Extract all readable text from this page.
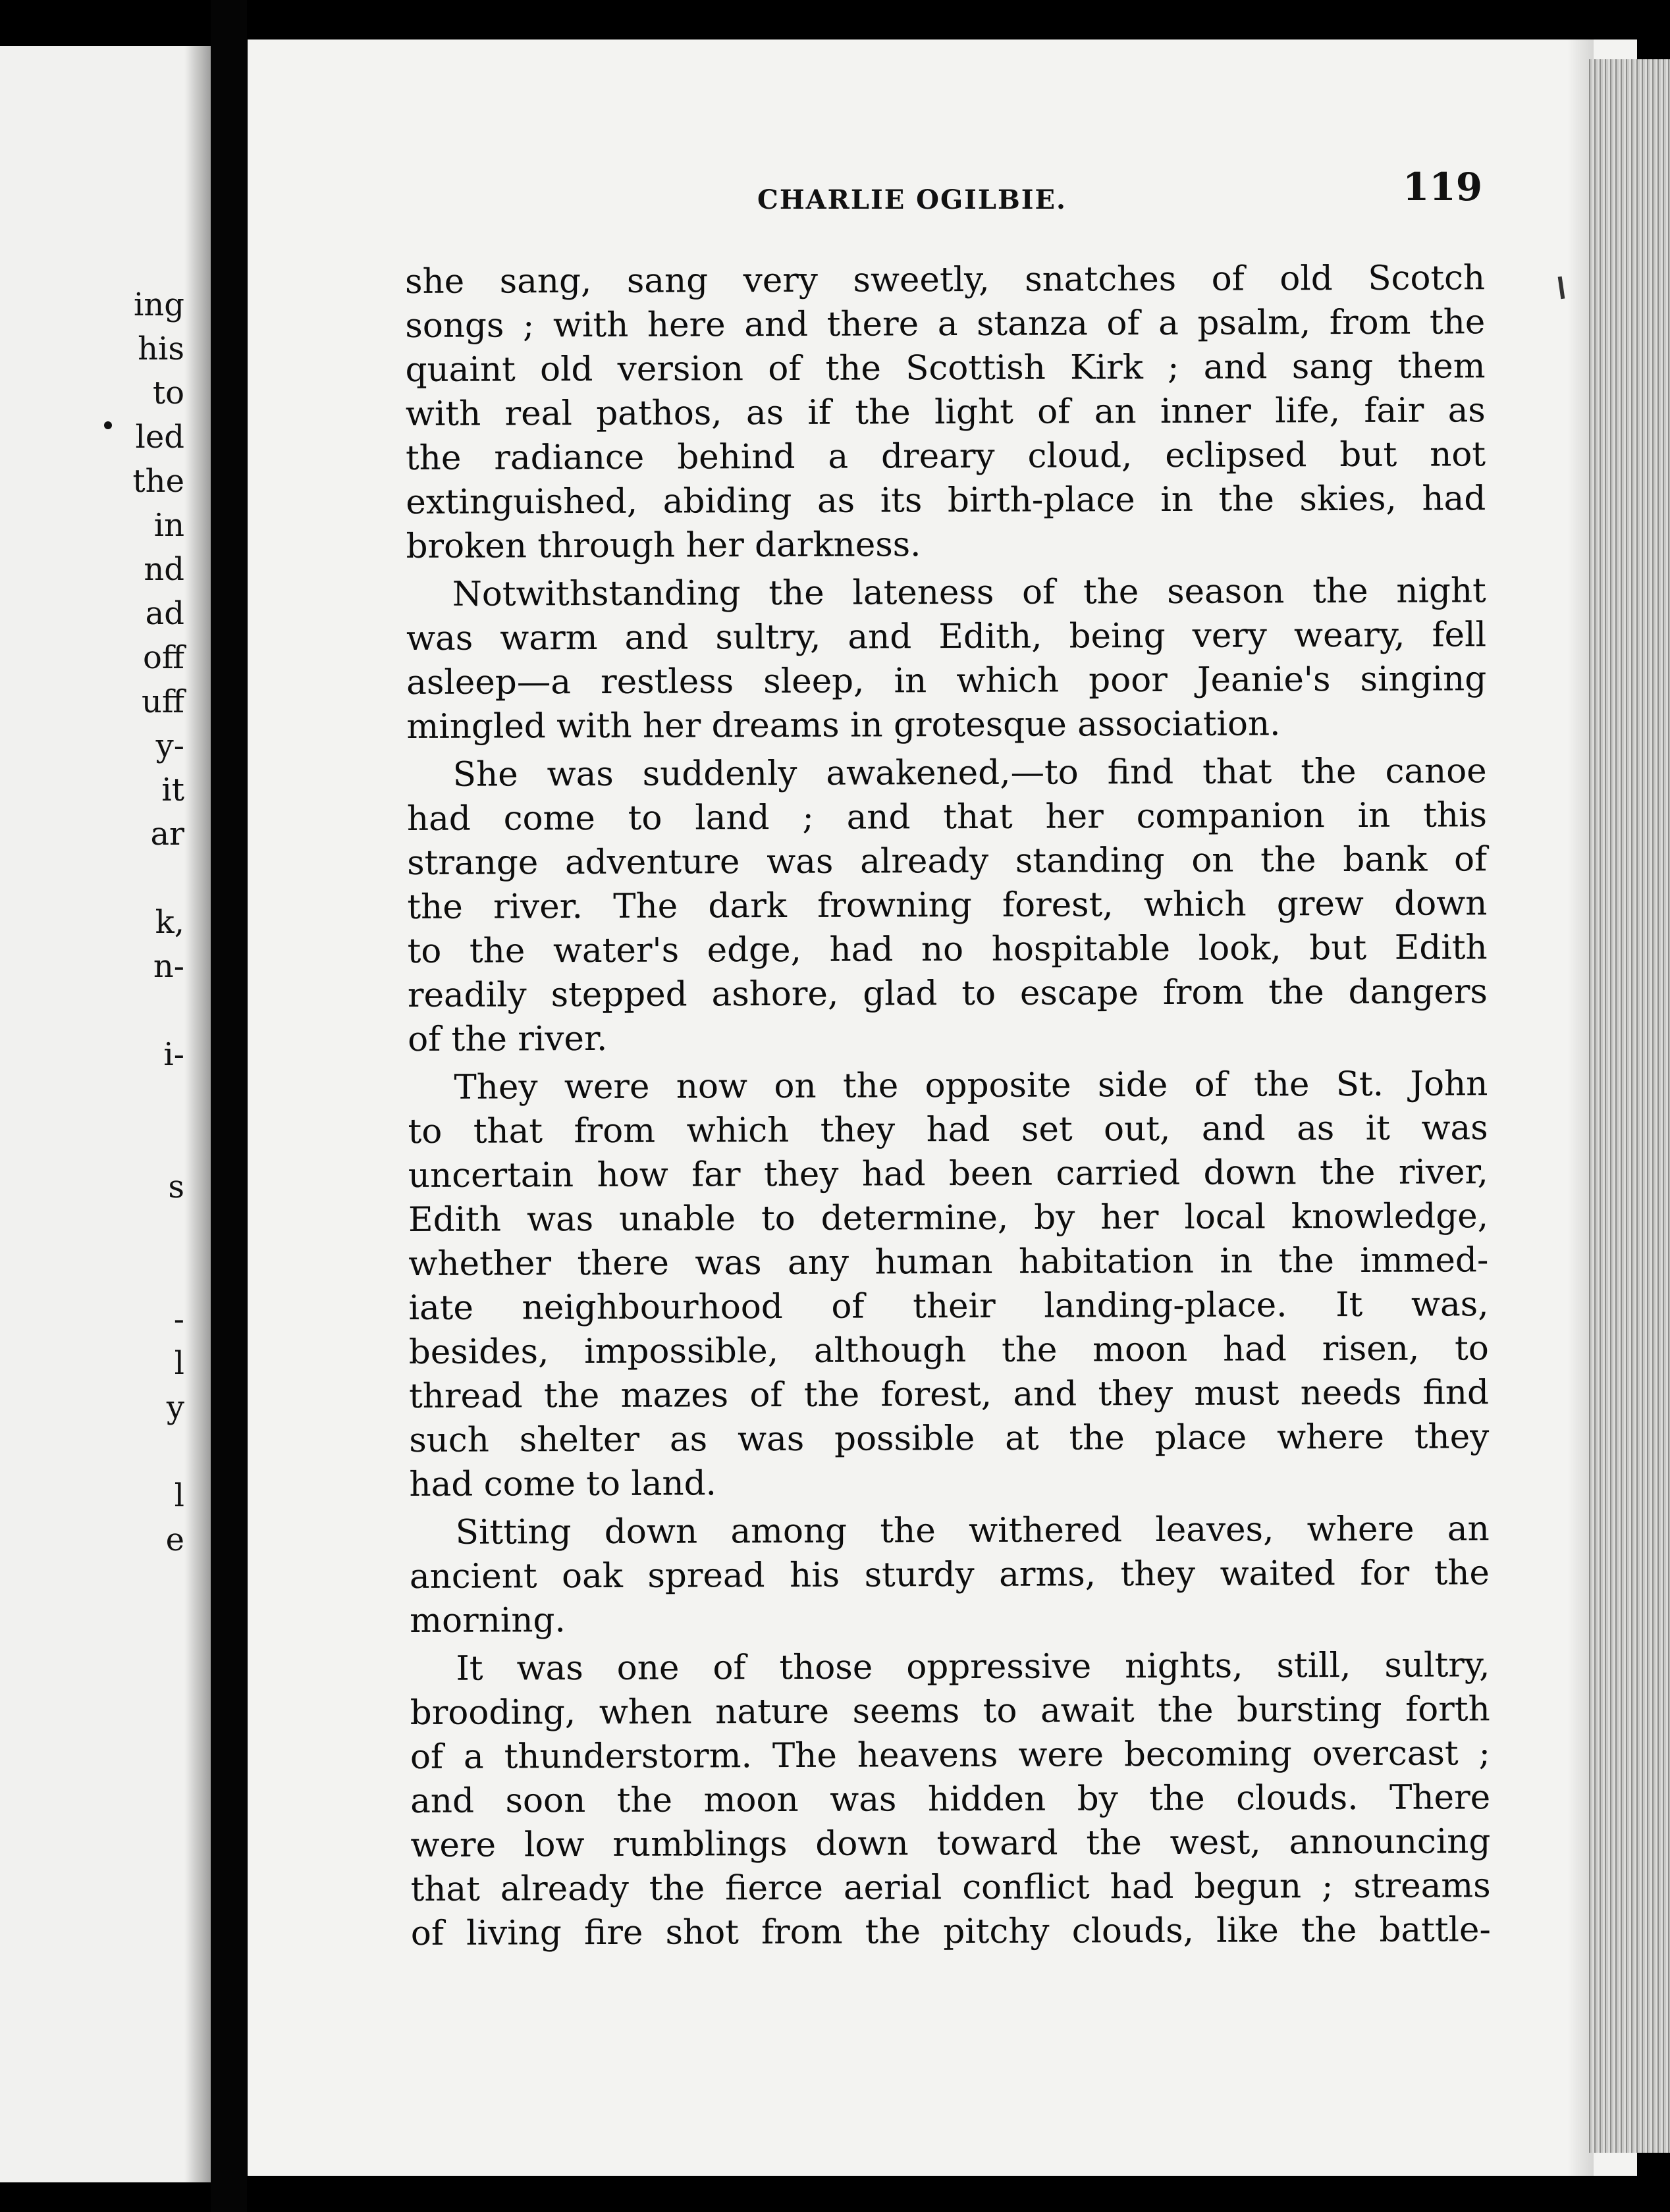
ing
his
to
led
the
in
nd
ad
off
uff
y-
it
ar
k,
n-
i-
s
-
l
y
l
e
CHARLIE OGILBIE.	119
she sang, sang very sweetly, snatches of old Scotch
songs ; with here and there a stanza of a psalm, from the
quaint old version of the Scottish Kirk ; and sang them
with real pathos, as if the light of an inner life, fair as
the radiance behind a dreary cloud, eclipsed but not
extinguished, abiding as its birth-place in the skies, had
broken through her darkness.
Notwithstanding the lateness of the season the night
was warm and sultry, and Edith, being very weary, fell
asleep—a restless sleep, in which poor Jeanie's singing
mingled with her dreams in grotesque association.
She was suddenly awakened,—to find that the canoe
had come to land ; and that her companion in this
strange adventure was already standing on the bank of
the river. The dark frowning forest, which grew down
to the water's edge, had no hospitable look, but Edith
readily stepped ashore, glad to escape from the dangers
of the river.
They were now on the opposite side of the St. John
to that from which they had set out, and as it was
uncertain how far they had been carried down the river,
Edith was unable to determine, by her local knowledge,
whether there was any human habitation in the immed-
iate neighbourhood of their landing-place. It was,
besides, impossible, although the moon had risen, to
thread the mazes of the forest, and they must needs find
such shelter as was possible at the place where they
had come to land.
Sitting down among the withered leaves, where an
ancient oak spread his sturdy arms, they waited for the
morning.
It was one of those oppressive nights, still, sultry,
brooding, when nature seems to await the bursting forth
of a thunderstorm. The heavens were becoming overcast ;
and soon the moon was hidden by the clouds. There
were low rumblings down toward the west, announcing
that already the fierce aerial conflict had begun ; streams
of living fire shot from the pitchy clouds, like the battle-
